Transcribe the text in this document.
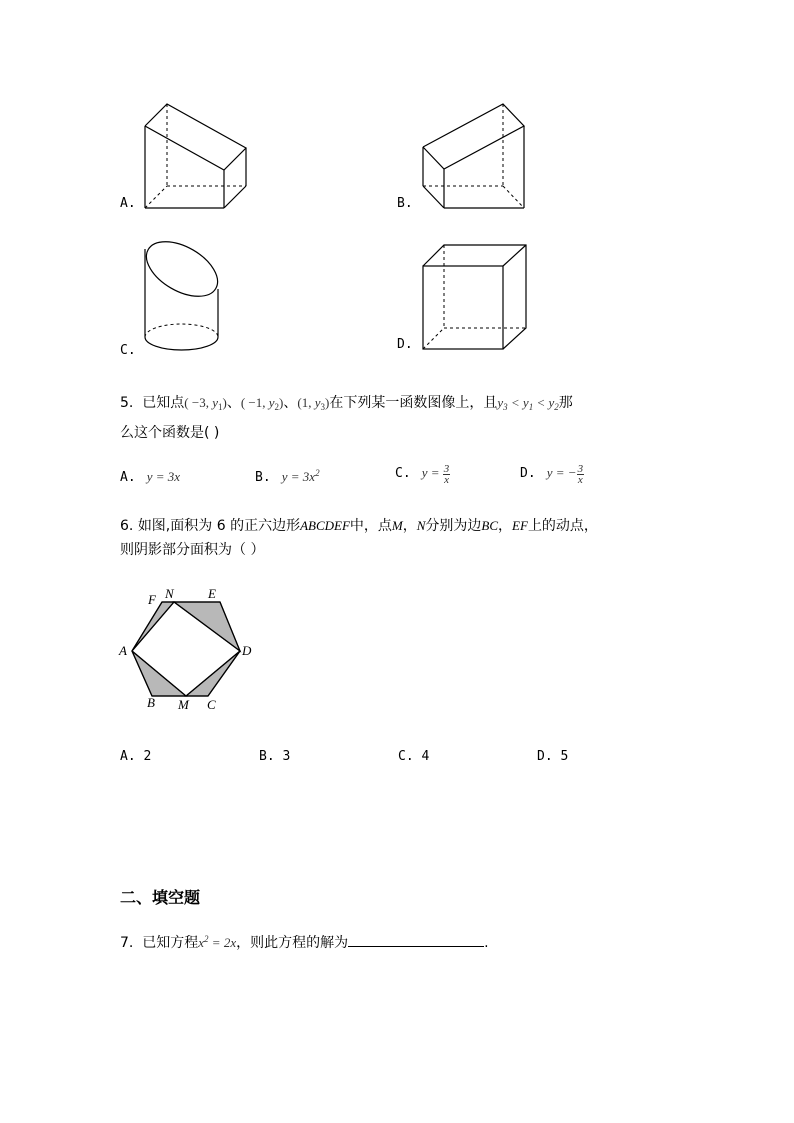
A.	B.
C.	D.
5. 已知点( −3, $y_1$)、( −1, $y_2$)、(1, $y_3$)在下列某一函数图像上，且$y_3 < y_1 < y_2$那
么这个函数是( )
A. y = 3x	B. $y = 3x^2$	C. $y = \frac{3}{x}$	D. y = − $\frac{3}{x}$
6. 如图,面积为 6 的正六边形ABCDEF中，点M，N分别为边BC，EF上的动点，
则阴影部分面积为（ ）
F N	E
A	D
B M C
A. 2	B. 3	C. 4	D. 5
二、填空题
7. 已知方程$x^2 = 2x$，则此方程的解为	.
